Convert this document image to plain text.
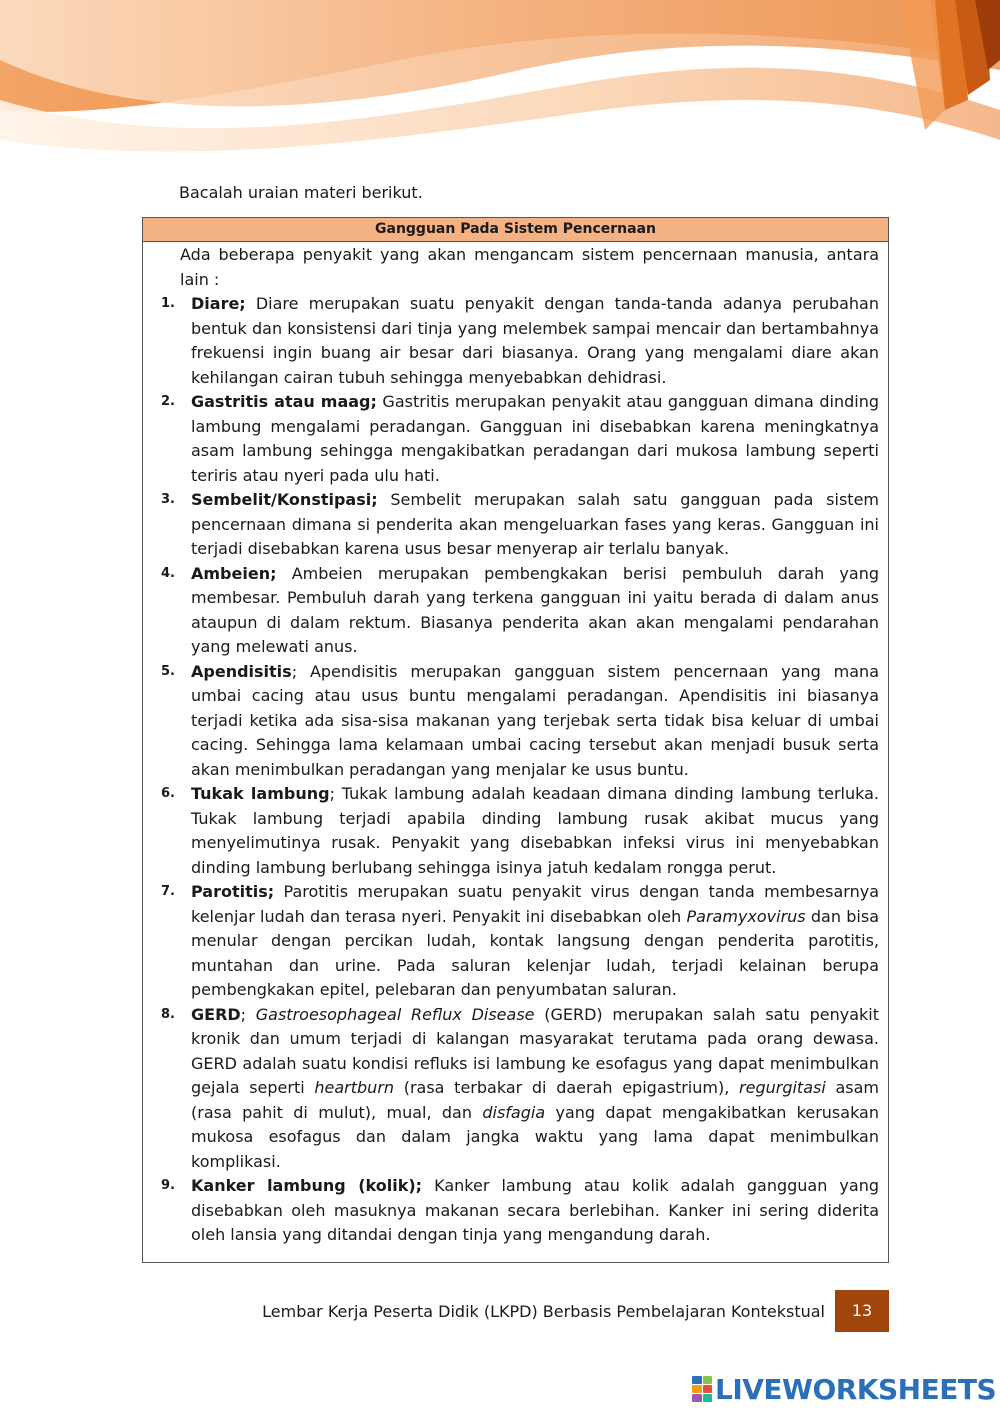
Bacalah uraian materi berikut.
Gangguan Pada Sistem Pencernaan

Ada beberapa penyakit yang akan mengancam sistem pencernaan manusia, antara lain :

1. Diare; Diare merupakan suatu penyakit dengan tanda-tanda adanya perubahan bentuk dan konsistensi dari tinja yang melembek sampai mencair dan bertambahnya frekuensi ingin buang air besar dari biasanya. Orang yang mengalami diare akan kehilangan cairan tubuh sehingga menyebabkan dehidrasi.
2. Gastritis atau maag; Gastritis merupakan penyakit atau gangguan dimana dinding lambung mengalami peradangan. Gangguan ini disebabkan karena meningkatnya asam lambung sehingga mengakibatkan peradangan dari mukosa lambung seperti teriris atau nyeri pada ulu hati.
3. Sembelit/Konstipasi; Sembelit merupakan salah satu gangguan pada sistem pencernaan dimana si penderita akan mengeluarkan fases yang keras. Gangguan ini terjadi disebabkan karena usus besar menyerap air terlalu banyak.
4. Ambeien; Ambeien merupakan pembengkakan berisi pembuluh darah yang membesar. Pembuluh darah yang terkena gangguan ini yaitu berada di dalam anus ataupun di dalam rektum. Biasanya penderita akan akan mengalami pendarahan yang melewati anus.
5. Apendisitis; Apendisitis merupakan gangguan sistem pencernaan yang mana umbai cacing atau usus buntu mengalami peradangan. Apendisitis ini biasanya terjadi ketika ada sisa-sisa makanan yang terjebak serta tidak bisa keluar di umbai cacing. Sehingga lama kelamaan umbai cacing tersebut akan menjadi busuk serta akan menimbulkan peradangan yang menjalar ke usus buntu.
6. Tukak lambung; Tukak lambung adalah keadaan dimana dinding lambung terluka. Tukak lambung terjadi apabila dinding lambung rusak akibat mucus yang menyelimutinya rusak. Penyakit yang disebabkan infeksi virus ini menyebabkan dinding lambung berlubang sehingga isinya jatuh kedalam rongga perut.
7. Parotitis; Parotitis merupakan suatu penyakit virus dengan tanda membesarnya kelenjar ludah dan terasa nyeri. Penyakit ini disebabkan oleh Paramyxovirus dan bisa menular dengan percikan ludah, kontak langsung dengan penderita parotitis, muntahan dan urine. Pada saluran kelenjar ludah, terjadi kelainan berupa pembengkakan epitel, pelebaran dan penyumbatan saluran.
8. GERD; Gastroesophageal Reflux Disease (GERD) merupakan salah satu penyakit kronik dan umum terjadi di kalangan masyarakat terutama pada orang dewasa. GERD adalah suatu kondisi refluks isi lambung ke esofagus yang dapat menimbulkan gejala seperti heartburn (rasa terbakar di daerah epigastrium), regurgitasi asam (rasa pahit di mulut), mual, dan disfagia yang dapat mengakibatkan kerusakan mukosa esofagus dan dalam jangka waktu yang lama dapat menimbulkan komplikasi.
9. Kanker lambung (kolik); Kanker lambung atau kolik adalah gangguan yang disebabkan oleh masuknya makanan secara berlebihan. Kanker ini sering diderita oleh lansia yang ditandai dengan tinja yang mengandung darah.
Lembar Kerja Peserta Didik (LKPD) Berbasis Pembelajaran Kontekstual	13
LIVEWORKSHEETS
